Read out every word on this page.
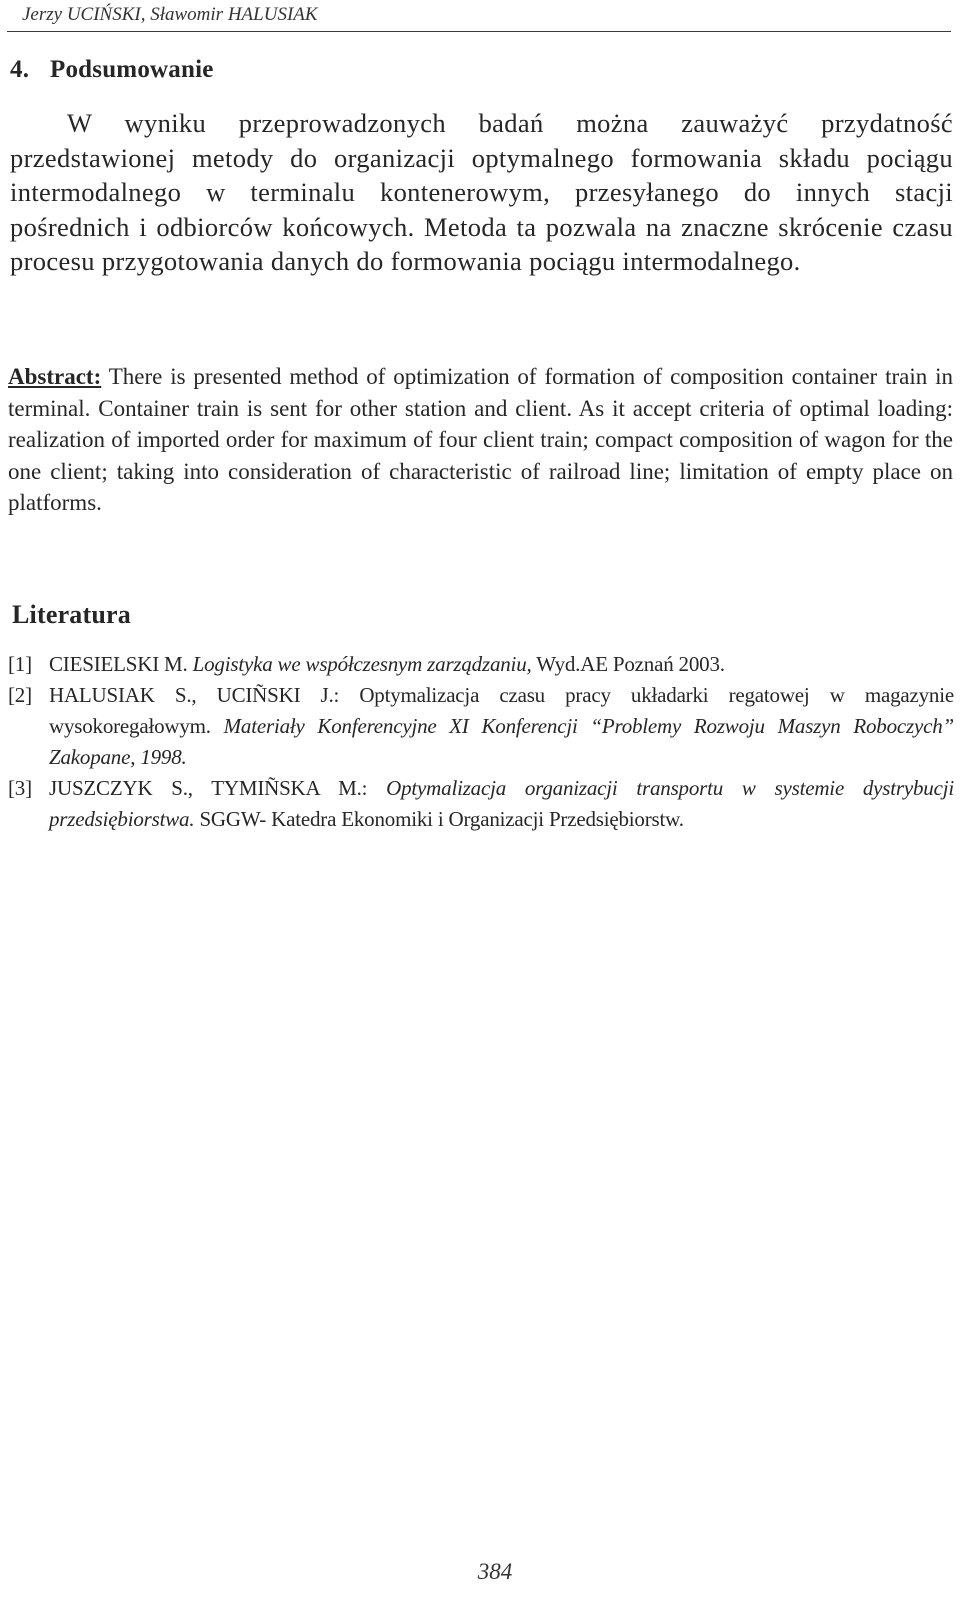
Jerzy UCIŃSKI, Sławomir HALUSIAK
4. Podsumowanie

W wyniku przeprowadzonych badań można zauważyć przydatność przedstawionej metody do organizacji optymalnego formowania składu pociągu intermodalnego w terminalu kontenerowym, przesyłanego do innych stacji pośrednich i odbiorców końcowych. Metoda ta pozwala na znaczne skrócenie czasu procesu przygotowania danych do formowania pociągu intermodalnego.

Abstract: There is presented method of optimization of formation of composition container train in terminal. Container train is sent for other station and client. As it accept criteria of optimal loading: realization of imported order for maximum of four client train; compact composition of wagon for the one client; taking into consideration of characteristic of railroad line; limitation of empty place on platforms.

Literatura
[1] CIESIELSKI M. Logistyka we współczesnym zarządzaniu, Wyd.AE Poznań 2003.
[2] HALUSIAK S., UCIÑSKI J.: Optymalizacja czasu pracy układarki regatowej w magazynie wysokoregałowym. Materiały Konferencyjne XI Konferencji “Problemy Rozwoju Maszyn Roboczych” Zakopane, 1998.
[3] JUSZCZYK S., TYMIÑSKA M.: Optymalizacja organizacji transportu w systemie dystrybucji przedsiębiorstwa. SGGW- Katedra Ekonomiki i Organizacji Przedsiębiorstw.
384
